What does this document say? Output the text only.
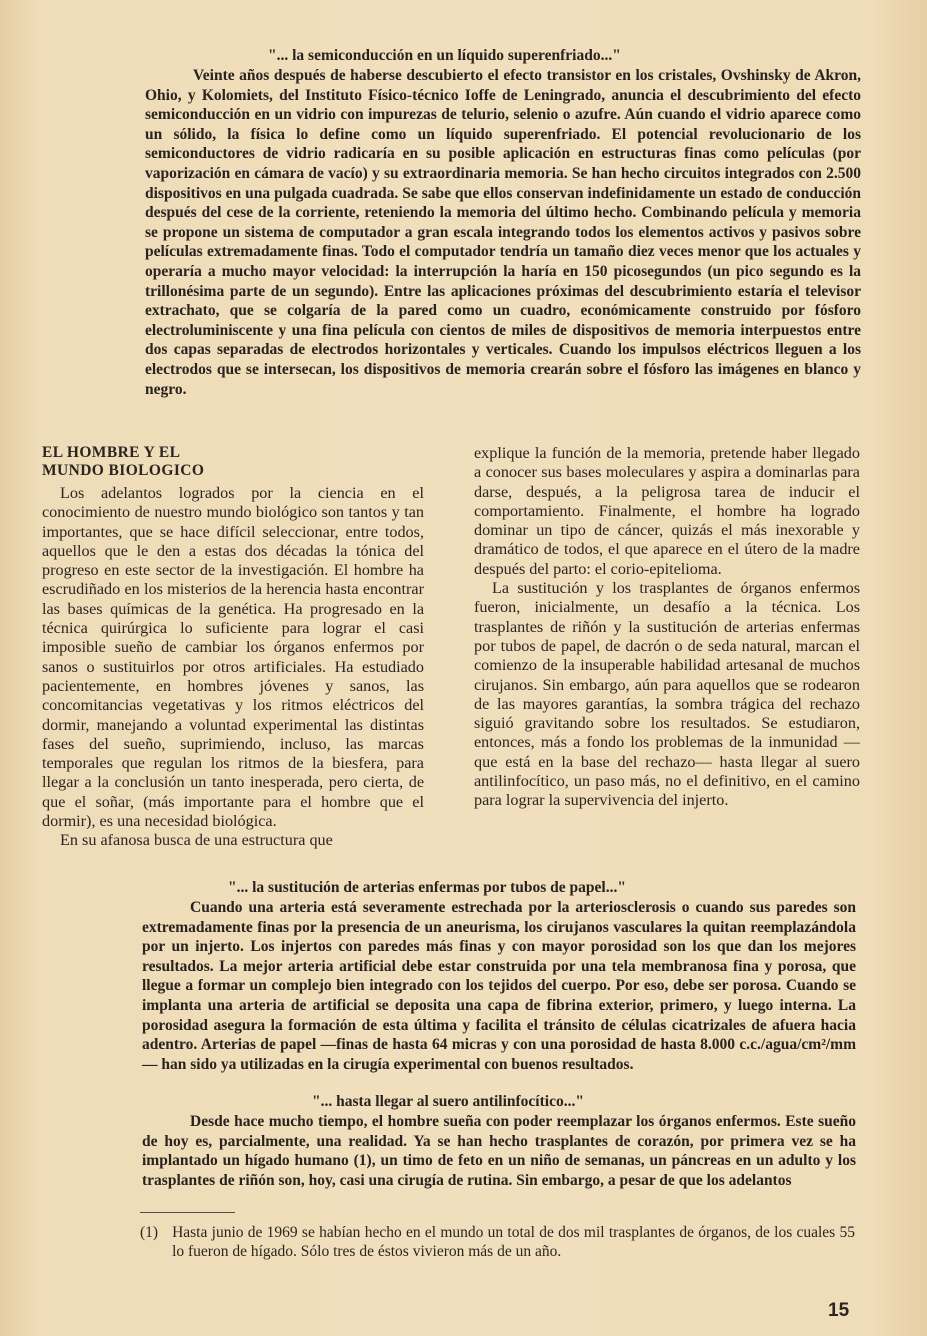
"... la semiconducción en un líquido superenfriado..."

Veinte años después de haberse descubierto el efecto transistor en los cristales, Ovshinsky de Akron, Ohio, y Kolomiets, del Instituto Físico-técnico Ioffe de Leningrado, anuncia el descubrimiento del efecto semiconducción en un vidrio con impurezas de telurio, selenio o azufre. Aún cuando el vidrio aparece como un sólido, la física lo define como un líquido superenfriado. El potencial revolucionario de los semiconductores de vidrio radicaría en su posible aplicación en estructuras finas como películas (por vaporización en cámara de vacío) y su extraordinaria memoria. Se han hecho circuitos integrados con 2.500 dispositivos en una pulgada cuadrada. Se sabe que ellos conservan indefinidamente un estado de conducción después del cese de la corriente, reteniendo la memoria del último hecho. Combinando película y memoria se propone un sistema de computador a gran escala integrando todos los elementos activos y pasivos sobre películas extremadamente finas. Todo el computador tendría un tamaño diez veces menor que los actuales y operaría a mucho mayor velocidad: la interrupción la haría en 150 picosegundos (un pico segundo es la trillonésima parte de un segundo). Entre las aplicaciones próximas del descubrimiento estaría el televisor extrachato, que se colgaría de la pared como un cuadro, económicamente construido por fósforo electroluminiscente y una fina película con cientos de miles de dispositivos de memoria interpuestos entre dos capas separadas de electrodos horizontales y verticales. Cuando los impulsos eléctricos lleguen a los electrodos que se intersecan, los dispositivos de memoria crearán sobre el fósforo las imágenes en blanco y negro.

EL HOMBRE Y EL
MUNDO BIOLOGICO

Los adelantos logrados por la ciencia en el conocimiento de nuestro mundo biológico son tantos y tan importantes, que se hace difícil seleccionar, entre todos, aquellos que le den a estas dos décadas la tónica del progreso en este sector de la investigación. El hombre ha escrudiñado en los misterios de la herencia hasta encontrar las bases químicas de la genética. Ha progresado en la técnica quirúrgica lo suficiente para lograr el casi imposible sueño de cambiar los órganos enfermos por sanos o sustituirlos por otros artificiales. Ha estudiado pacientemente, en hombres jóvenes y sanos, las concomitancias vegetativas y los ritmos eléctricos del dormir, manejando a voluntad experimental las distintas fases del sueño, suprimiendo, incluso, las marcas temporales que regulan los ritmos de la biesfera, para llegar a la conclusión un tanto inesperada, pero cierta, de que el soñar, (más importante para el hombre que el dormir), es una necesidad biológica.

En su afanosa busca de una estructura que

explique la función de la memoria, pretende haber llegado a conocer sus bases moleculares y aspira a dominarlas para darse, después, a la peligrosa tarea de inducir el comportamiento. Finalmente, el hombre ha logrado dominar un tipo de cáncer, quizás el más inexorable y dramático de todos, el que aparece en el útero de la madre después del parto: el corio-epitelioma.

La sustitución y los trasplantes de órganos enfermos fueron, inicialmente, un desafío a la técnica. Los trasplantes de riñón y la sustitución de arterias enfermas por tubos de papel, de dacrón o de seda natural, marcan el comienzo de la insuperable habilidad artesanal de muchos cirujanos. Sin embargo, aún para aquellos que se rodearon de las mayores garantías, la sombra trágica del rechazo siguió gravitando sobre los resultados. Se estudiaron, entonces, más a fondo los problemas de la inmunidad —que está en la base del rechazo— hasta llegar al suero antilinfocítico, un paso más, no el definitivo, en el camino para lograr la supervivencia del injerto.

"... la sustitución de arterias enfermas por tubos de papel..."

Cuando una arteria está severamente estrechada por la arteriosclerosis o cuando sus paredes son extremadamente finas por la presencia de un aneurisma, los cirujanos vasculares la quitan reemplazándola por un injerto. Los injertos con paredes más finas y con mayor porosidad son los que dan los mejores resultados. La mejor arteria artificial debe estar construida por una tela membranosa fina y porosa, que llegue a formar un complejo bien integrado con los tejidos del cuerpo. Por eso, debe ser porosa. Cuando se implanta una arteria de artificial se deposita una capa de fibrina exterior, primero, y luego interna. La porosidad asegura la formación de esta última y facilita el tránsito de células cicatrizales de afuera hacia adentro. Arterias de papel —finas de hasta 64 micras y con una porosidad de hasta 8.000 c.c./agua/cm²/mm— han sido ya utilizadas en la cirugía experimental con buenos resultados.

"... hasta llegar al suero antilinfocítico..."

Desde hace mucho tiempo, el hombre sueña con poder reemplazar los órganos enfermos. Este sueño de hoy es, parcialmente, una realidad. Ya se han hecho trasplantes de corazón, por primera vez se ha implantado un hígado humano (1), un timo de feto en un niño de semanas, un páncreas en un adulto y los trasplantes de riñón son, hoy, casi una cirugía de rutina. Sin embargo, a pesar de que los adelantos

(1) Hasta junio de 1969 se habían hecho en el mundo un total de dos mil trasplantes de órganos, de los cuales 55 lo fueron de hígado. Sólo tres de éstos vivieron más de un año.
15
